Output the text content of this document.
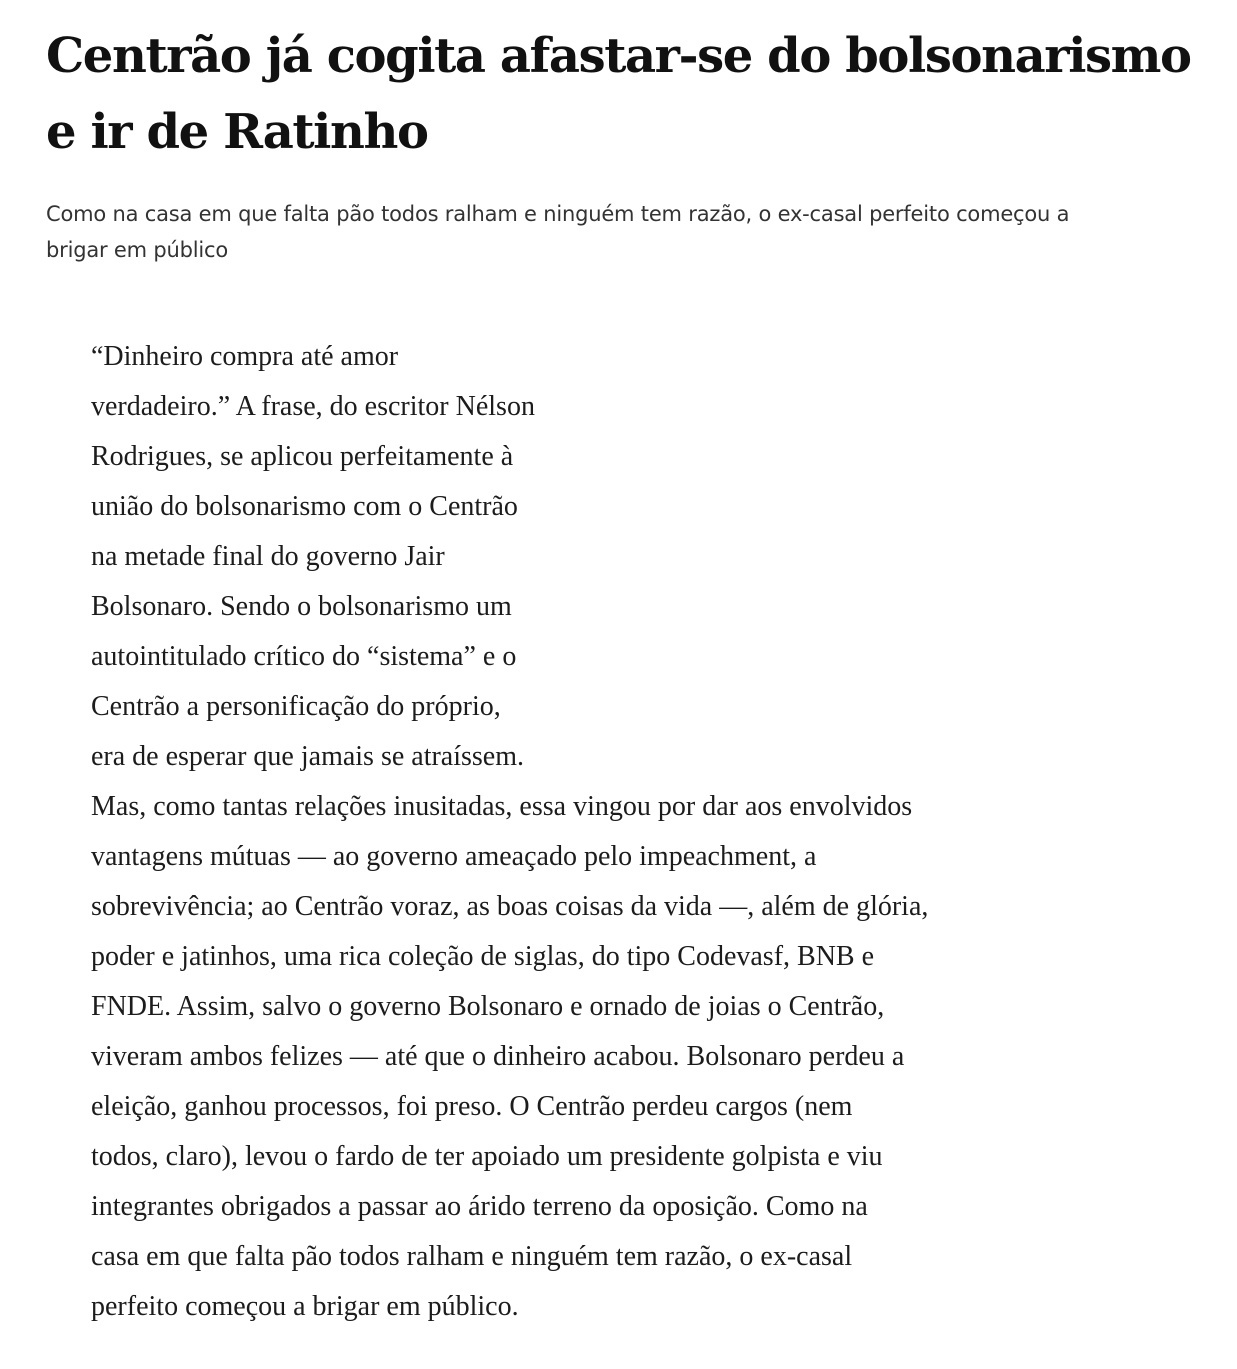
Centrão já cogita afastar-se do bolsonarismo e ir de Ratinho

Como na casa em que falta pão todos ralham e ninguém tem razão, o ex-casal perfeito começou a brigar em público

“Dinheiro compra até amor
verdadeiro.” A frase, do escritor Nélson
Rodrigues, se aplicou perfeitamente à
união do bolsonarismo com o Centrão
na metade final do governo Jair
Bolsonaro. Sendo o bolsonarismo um
autointitulado crítico do “sistema” e o
Centrão a personificação do próprio,
era de esperar que jamais se atraíssem.
Mas, como tantas relações inusitadas, essa vingou por dar aos envolvidos
vantagens mútuas — ao governo ameaçado pelo impeachment, a
sobrevivência; ao Centrão voraz, as boas coisas da vida —, além de glória,
poder e jatinhos, uma rica coleção de siglas, do tipo Codevasf, BNB e
FNDE. Assim, salvo o governo Bolsonaro e ornado de joias o Centrão,
viveram ambos felizes — até que o dinheiro acabou. Bolsonaro perdeu a
eleição, ganhou processos, foi preso. O Centrão perdeu cargos (nem
todos, claro), levou o fardo de ter apoiado um presidente golpista e viu
integrantes obrigados a passar ao árido terreno da oposição. Como na
casa em que falta pão todos ralham e ninguém tem razão, o ex-casal
perfeito começou a brigar em público.
